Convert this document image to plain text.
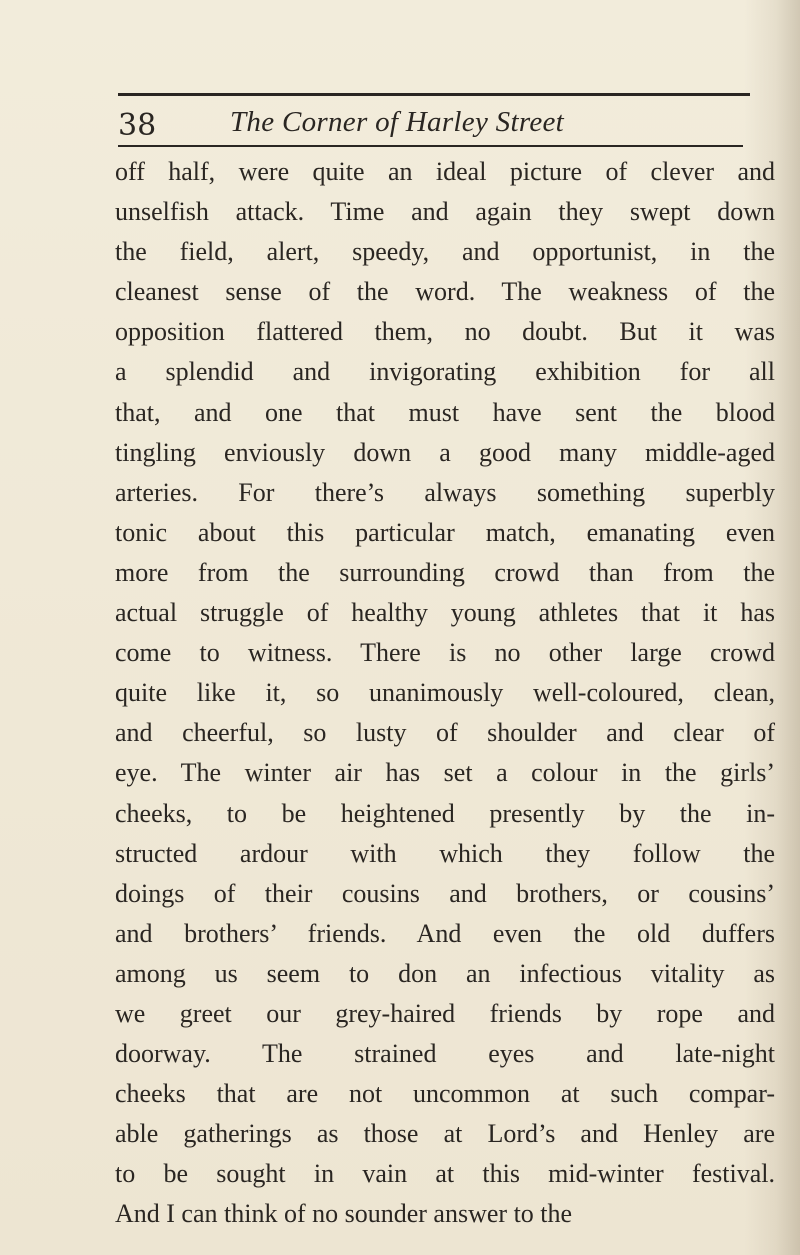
38	The Corner of Harley Street
off half, were quite an ideal picture of clever and
unselfish attack. Time and again they swept down
the field, alert, speedy, and opportunist, in the
cleanest sense of the word. The weakness of the
opposition flattered them, no doubt. But it was
a splendid and invigorating exhibition for all
that, and one that must have sent the blood
tingling enviously down a good many middle-aged
arteries. For there’s always something superbly
tonic about this particular match, emanating even
more from the surrounding crowd than from the
actual struggle of healthy young athletes that it has
come to witness. There is no other large crowd
quite like it, so unanimously well-coloured, clean,
and cheerful, so lusty of shoulder and clear of
eye. The winter air has set a colour in the girls’
cheeks, to be heightened presently by the in-
structed ardour with which they follow the
doings of their cousins and brothers, or cousins’
and brothers’ friends. And even the old duffers
among us seem to don an infectious vitality as
we greet our grey-haired friends by rope and
doorway. The strained eyes and late-night
cheeks that are not uncommon at such compar-
able gatherings as those at Lord’s and Henley are
to be sought in vain at this mid-winter festival.
And I can think of no sounder answer to the
